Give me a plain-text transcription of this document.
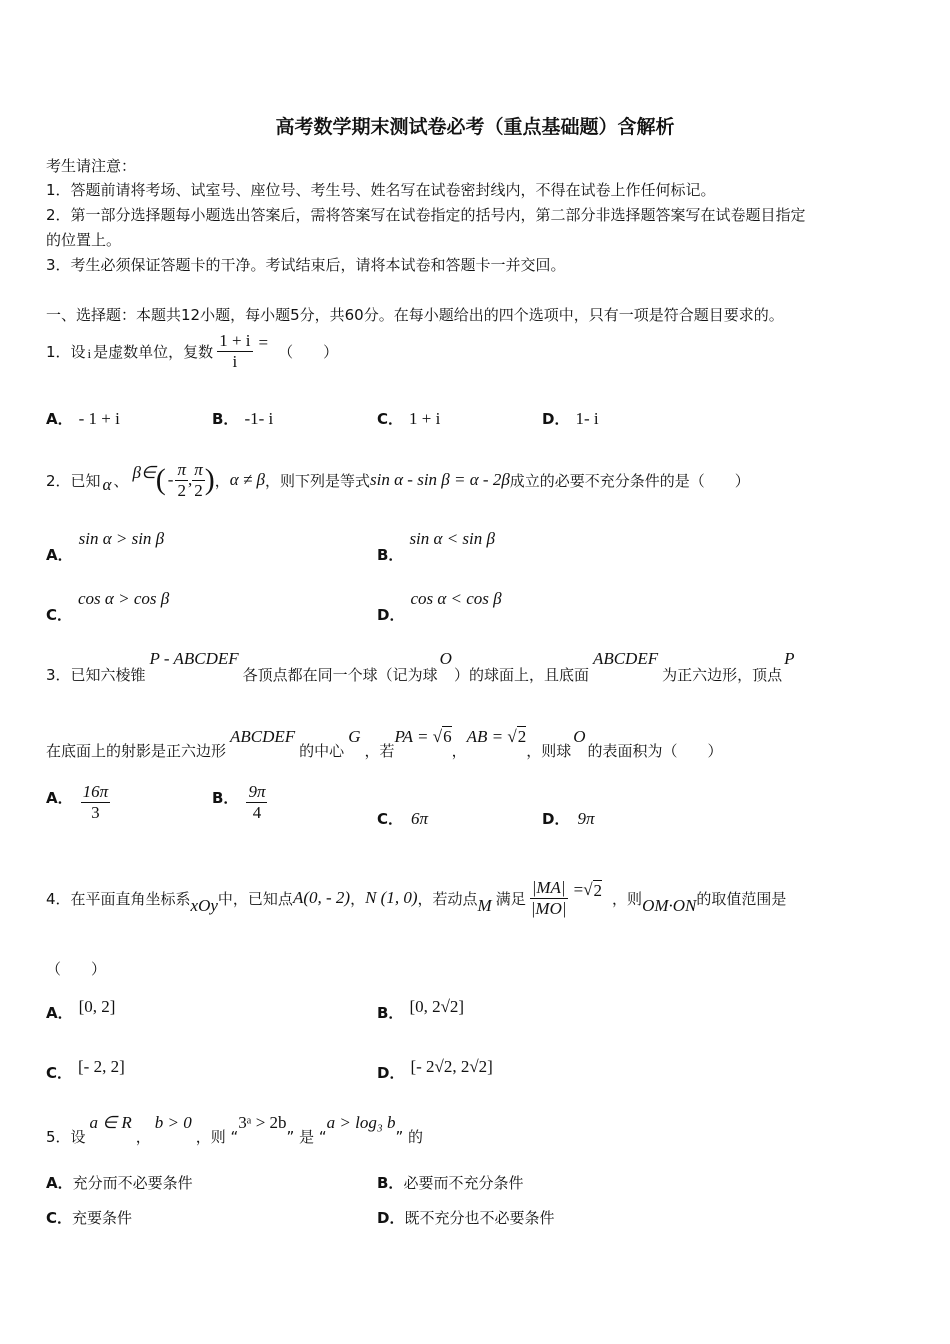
高考数学期末测试卷必考（重点基础题）含解析
考生请注意：
1．答题前请将考场、试室号、座位号、考生号、姓名写在试卷密封线内，不得在试卷上作任何标记。
2．第一部分选择题每小题选出答案后，需将答案写在试卷指定的括号内，第二部分非选择题答案写在试卷题目指定
的位置上。
3．考生必须保证答题卡的干净。考试结束后，请将本试卷和答题卡一并交回。
一、选择题：本题共12小题，每小题5分，共60分。在每小题给出的四个选项中，只有一项是符合题目要求的。
1．设 i 是虚数单位，复数 $\frac{1 + i}{i}$ = （　　）
A． - 1 + i	B． -1- i	C． 1 + i	D． 1- i
2．已知 α 、 β∈ ( - $\frac{\pi}{2}$ , $\frac{\pi}{2}$ ) ， α ≠ β ，则下列是等式 sin α - sin β = α - 2β 成立的必要不充分条件的是（　　）
A．sin α > sin β
B．sin α < sin β
C．cos α > cos β
D．cos α < cos β
3．已知六棱锥P - ABCDEF各顶点都在同一个球（记为球O）的球面上，且底面ABCDEF为正六边形，顶点P
在底面上的射影是正六边形ABCDEF的中心G，若PA = √6，AB = √2，则球O的表面积为（　　）
A． $\frac{16\pi}{3}$	B． $\frac{9\pi}{4}$	C． 6π	D． 9π
4．在平面直角坐标系 xOy 中，已知点 A(0, - 2) ， N (1, 0) ，若动点 M 满足 $\frac{|MA|}{|MO|}$ = √ 2 ，则 OM·ON 的取值范围是
（　　）
A． [0, 2]	B． [0, 2√2]
C． [- 2, 2]	D． [- 2√2, 2√2]
5．设a ∈ R，b > 0，则 “3ᵃ > 2b” 是 “a > log₃ b” 的
A．充分而不必要条件	B．必要而不充分条件
C．充要条件	D．既不充分也不必要条件
